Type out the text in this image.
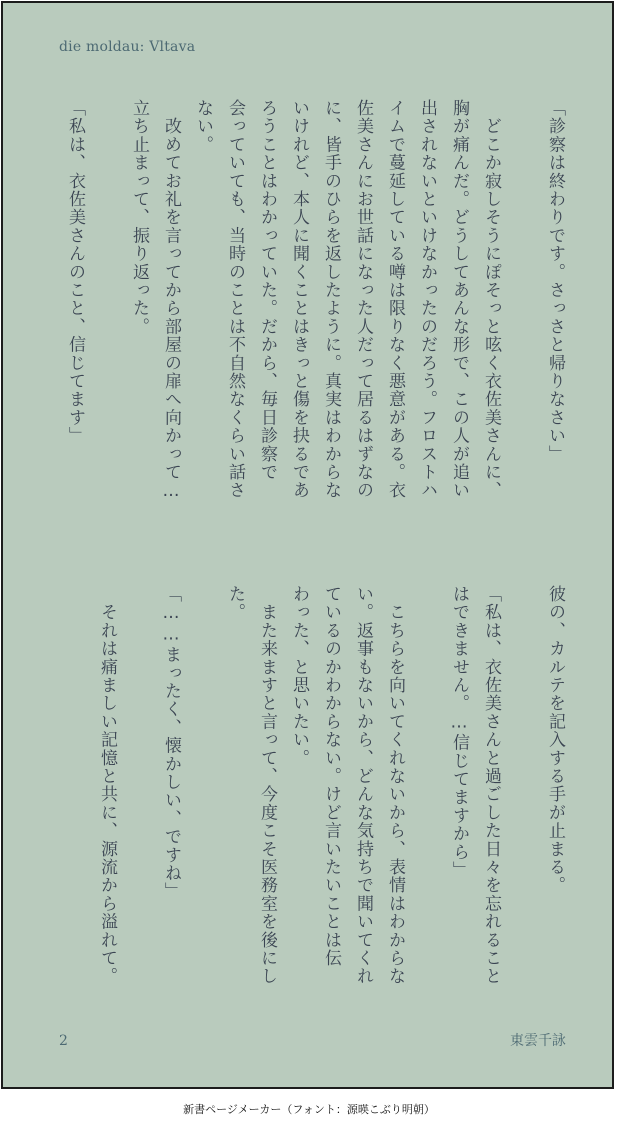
die moldau: Vltava
「診察は終わりです。さっさと帰りなさい」

　どこか寂しそうにぽそっと呟く衣佐美さんに、
胸が痛んだ。どうしてあんな形で、この人が追い
出されないといけなかったのだろう。フロストハ
イムで蔓延している噂は限りなく悪意がある。衣
佐美さんにお世話になった人だって居るはずなの
に、皆手のひらを返したように。真実はわからな
いけれど、本人に聞くことはきっと傷を抉るであ
ろうことはわかっていた。だから、毎日診察で
会っていても、当時のことは不自然なくらい話さ
ない。
　改めてお礼を言ってから部屋の扉へ向かって…
立ち止まって、振り返った。

「私は、衣佐美さんのこと、信じてます」
彼の、カルテを記入する手が止まる。

「私は、衣佐美さんと過ごした日々を忘れること
はできません。…信じてますから」

　こちらを向いてくれないから、表情はわからな
い。返事もないから、どんな気持ちで聞いてくれ
ているのかわからない。けど言いたいことは伝
わった、と思いたい。
　また来ますと言って、今度こそ医務室を後にし
た。

「……まったく、懐かしい、ですね」

　それは痛ましい記憶と共に、源流から溢れて。
2	東雲千詠
新書ページメーカー（フォント：源暎こぶり明朝）
